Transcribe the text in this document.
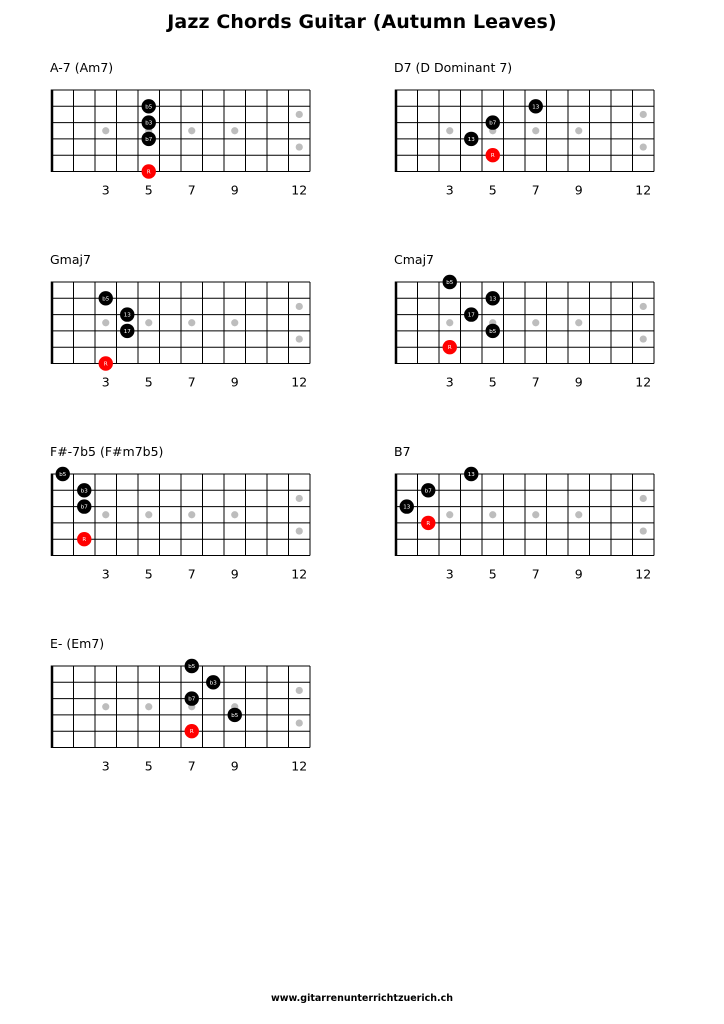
Jazz Chords Guitar (Autumn Leaves)
A-7 (Am7)
3	5	7	9	12
b5
b3
b7
R
D7 (D Dominant 7)
3	5	7	9	12
13
b7
13
R
Gmaj7
3	5	7	9	12
b5
13
17
R
Cmaj7
3	5	7	9	12
b5
13
17
b5
R
F#-7b5 (F#m7b5)
3	5	7	9	12
b5
b3
b7
R
B7
3	5	7	9	12
13
b7
13
R
E- (Em7)
3	5	7	9	12
b5
b3
b7
b5
R
www.gitarrenunterrichtzuerich.ch
